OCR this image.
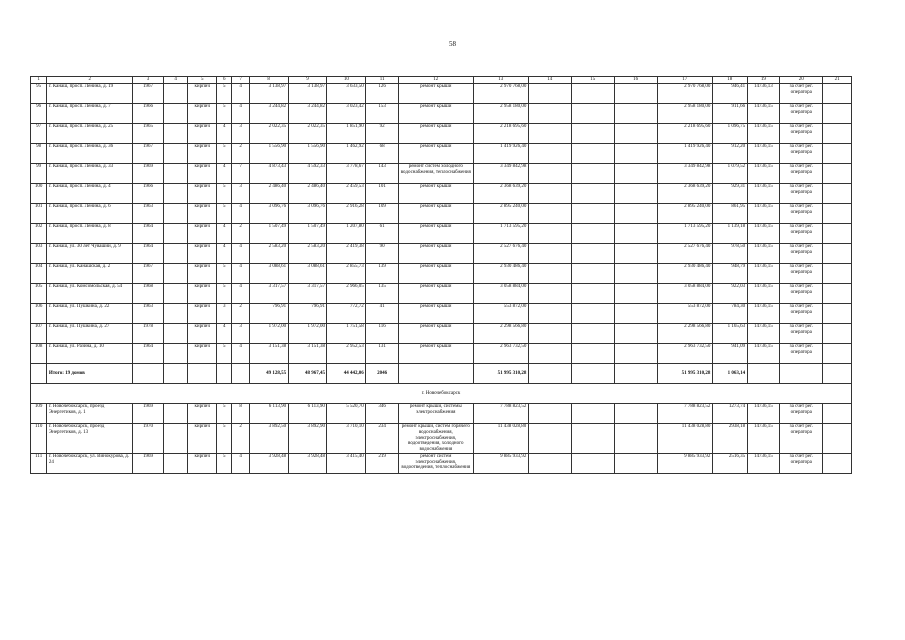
58
1	2	3	4	5	6	7	8	9	10	11	12	13	14	15	16	17	18	19	20	21
95	г. Канаш, просп. Ленина, д. 19	1967		кирпич	5	4	3 138,97	3 138,97	3 633,50	126	ремонт крыши	2 970 768,00				2 970 768,00	946,41	14736,13	за счет рег. оператора	
96	г. Канаш, просп. Ленина, д. 7	1966		кирпич	5	4	3 244,82	3 244,82	3 023,42	153	ремонт крыши	2 958 180,00				2 958 180,00	911,66	14736,15	за счет рег. оператора	
97	г. Канаш, просп. Ленина, д. 25	1965		кирпич	4	3	2 022,35	2 022,35	1 851,90	92	ремонт крыши	2 218 695,60				2 218 695,60	1 096,75	14736,15	за счет рег. оператора	
98	г. Канаш, просп. Ленина, д. 36	1967		кирпич	5	2	1 556,90	1 556,90	1 462,92	68	ремонт крыши	1 419 926,40				1 419 926,40	912,20	14736,15	за счет рег. оператора	
99	г. Канаш, просп. Ленина, д. 33	1969		кирпич	4	7	4 873,43	4 592,33	3 778,67	143	ремонт систем холодного водоснабжения, теплоснабжения	3 349 842,98				3 349 842,98	1 079,52	14736,15	за счет рег. оператора	
100	г. Канаш, просп. Ленина, д. 4	1966		кирпич	5	3	2 486,40	2 486,40	2 459,53	101	ремонт крыши	2 368 639,20				2 368 639,20	929,31	14736,15	за счет рег. оператора	
101	г. Канаш, просп. Ленина, д. 6	1963		кирпич	5	4	3 096,76	3 096,76	2 916,28	109	ремонт крыши	2 895 240,00				2 895 240,00	861,95	14736,15	за счет рег. оператора	
102	г. Канаш, просп. Ленина, д. 8	1964		кирпич	4	2	1 507,49	1 507,49	1 207,80	61	ремонт крыши	1 713 595,20				1 713 595,20	1 139,18	14736,15	за счет рег. оператора	
103	г. Канаш, ул. 30 лет Чувашии, д. 9	1964		кирпич	4	4	2 583,20	2 583,20	2 419,38	90	ремонт крыши	2 527 676,40				2 527 676,40	978,50	14736,15	за счет рег. оператора	
104	г. Канаш, ул. Канашская, д. 2	1967		кирпич	5	4	3 088,61	3 088,61	2 855,73	139	ремонт крыши	2 930 486,40				2 930 486,40	948,79	14736,15	за счет рег. оператора	
105	г. Канаш, ул. Комсомольская, д. 54	1968		кирпич	5	4	3 317,57	3 317,57	2 966,05	135	ремонт крыши	3 058 884,00				3 058 884,00	922,03	14736,15	за счет рег. оператора	
106	г. Канаш, ул. Пушкина, д. 22	1963		кирпич	3	2	796,91	796,91	772,72	41	ремонт крыши	553 872,00				553 872,00	784,30	14736,15	за счет рег. оператора	
107	г. Канаш, ул. Пушкина, д. 27	1978		кирпич	4	3	1 972,00	1 972,00	1 751,58	116	ремонт крыши	2 298 566,80				2 298 566,80	1 165,63	14736,15	за счет рег. оператора	
108	г. Канаш, ул. Разина, д. 10	1964		кирпич	5	4	3 151,38	3 151,38	2 952,53	131	ремонт крыши	2 963 732,50				2 963 732,50	941,09	14736,15	за счет рег. оператора	
	Итого: 19 домов						49 128,55	48 967,45	44 442,06	2046		51 995 310,28				51 995 310,28	1 063,14			
г. Новочебоксарск																				
109	г. Новочебоксарск, проезд Энергетиков, д. 1	1969		кирпич	5	8	6 113,90	6 113,90	5 520,70	346	ремонт крыши, системы электроснабжения	7 788 823,52				7 788 823,52	1273,74	14736,15	за счет рег. оператора	
110	г. Новочебоксарск, проезд Энергетиков, д. 13	1970		кирпич	5	2	3 892,50	3 892,90	3 710,10	234	ремонт крыши, систем горячего водоснабжения, электроснабжения, водоотведения, холодного водоснабжения	11 438 028,80				11 438 028,80	2938,18	14736,15	за счет рег. оператора	
111	г. Новочебоксарск, ул. Винокурова, д. 24	1969		кирпич	5	4	3 928,48	3 928,48	3 415,40	219	ремонт систем электроснабжения, водоотведения, теплоснабжения	9 885 933,92				9 885 933,92	2516,35	14736,15	за счет рег. оператора	
